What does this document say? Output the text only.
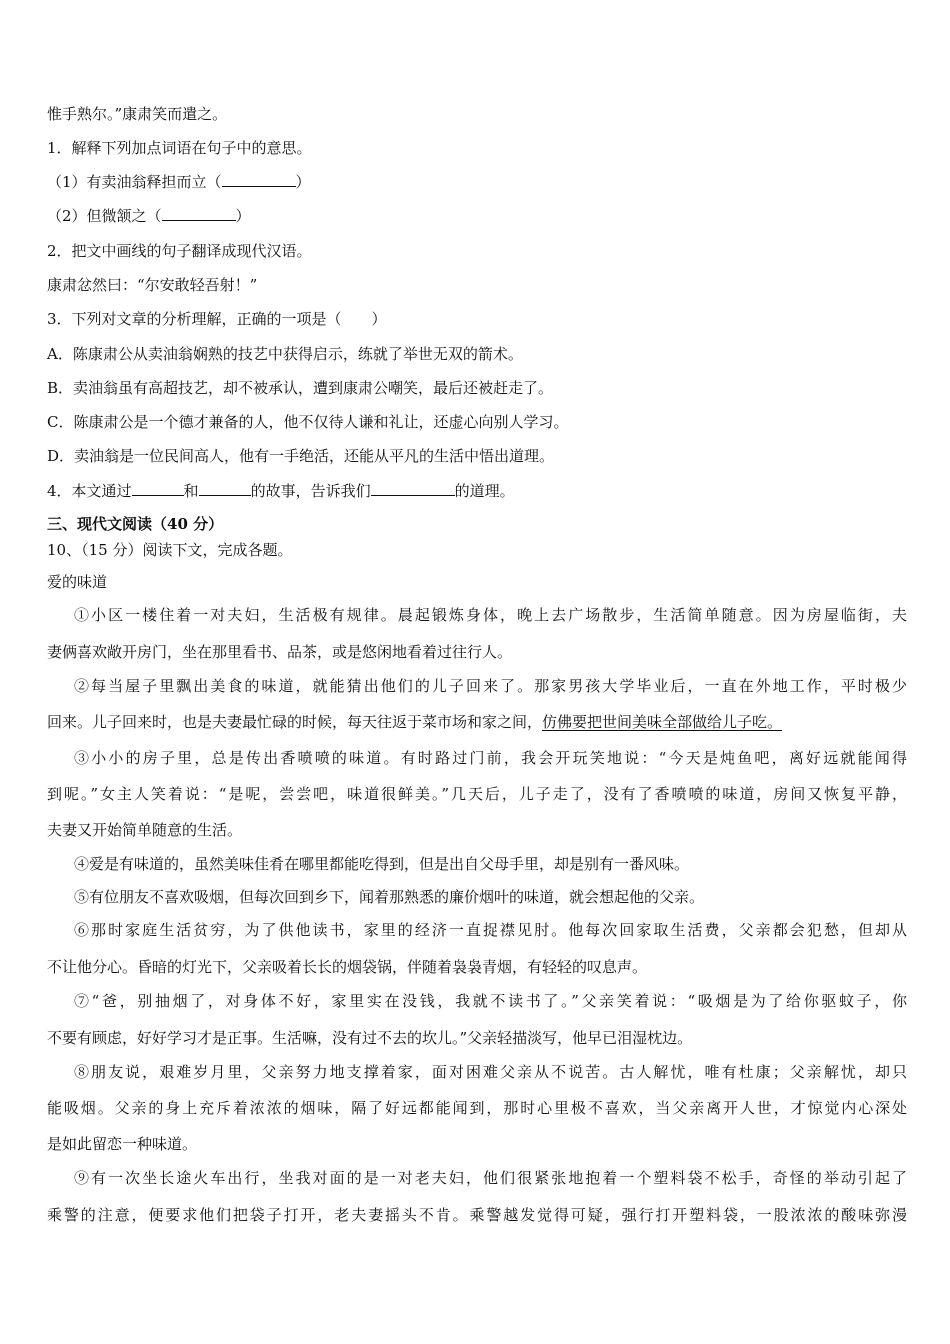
惟手熟尔。”康肃笑而遣之。
1．解释下列加点词语在句子中的意思。
（1）有卖油翁释担而立（	）
（2）但微颔之（	）
2．把文中画线的句子翻译成现代汉语。
康肃忿然曰：“尔安敢轻吾射！”
3．下列对文章的分析理解，正确的一项是（　　）
A．陈康肃公从卖油翁娴熟的技艺中获得启示，练就了举世无双的箭术。
B．卖油翁虽有高超技艺，却不被承认，遭到康肃公嘲笑，最后还被赶走了。
C．陈康肃公是一个德才兼备的人，他不仅待人谦和礼让，还虚心向别人学习。
D．卖油翁是一位民间高人，他有一手绝活，还能从平凡的生活中悟出道理。
4．本文通过	和	的故事，告诉我们	的道理。
三、现代文阅读（40 分）
10、（15 分）阅读下文，完成各题。
爱的味道
①小区一楼住着一对夫妇，生活极有规律。晨起锻炼身体，晚上去广场散步，生活简单随意。因为房屋临街，夫
妻俩喜欢敞开房门，坐在那里看书、品茶，或是悠闲地看着过往行人。
②每当屋子里飘出美食的味道，就能猜出他们的儿子回来了。那家男孩大学毕业后，一直在外地工作，平时极少
回来。儿子回来时，也是夫妻最忙碌的时候，每天往返于菜市场和家之间，仿佛要把世间美味全部做给儿子吃。
③小小的房子里，总是传出香喷喷的味道。有时路过门前，我会开玩笑地说：“今天是炖鱼吧，离好远就能闻得
到呢。”女主人笑着说：“是呢，尝尝吧，味道很鲜美。”几天后，儿子走了，没有了香喷喷的味道，房间又恢复平静，
夫妻又开始简单随意的生活。
④爱是有味道的，虽然美味佳肴在哪里都能吃得到，但是出自父母手里，却是别有一番风味。
⑤有位朋友不喜欢吸烟，但每次回到乡下，闻着那熟悉的廉价烟叶的味道，就会想起他的父亲。
⑥那时家庭生活贫穷，为了供他读书，家里的经济一直捉襟见肘。他每次回家取生活费，父亲都会犯愁，但却从
不让他分心。昏暗的灯光下，父亲吸着长长的烟袋锅，伴随着袅袅青烟，有轻轻的叹息声。
⑦“爸，别抽烟了，对身体不好，家里实在没钱，我就不读书了。”父亲笑着说：“吸烟是为了给你驱蚊子，你
不要有顾虑，好好学习才是正事。生活嘛，没有过不去的坎儿。”父亲轻描淡写，他早已泪湿枕边。
⑧朋友说，艰难岁月里，父亲努力地支撑着家，面对困难父亲从不说苦。古人解忧，唯有杜康；父亲解忧，却只
能吸烟。父亲的身上充斥着浓浓的烟味，隔了好远都能闻到，那时心里极不喜欢，当父亲离开人世，才惊觉内心深处
是如此留恋一种味道。
⑨有一次坐长途火车出行，坐我对面的是一对老夫妇，他们很紧张地抱着一个塑料袋不松手，奇怪的举动引起了
乘警的注意，便要求他们把袋子打开，老夫妻摇头不肯。乘警越发觉得可疑，强行打开塑料袋，一股浓浓的酸味弥漫
